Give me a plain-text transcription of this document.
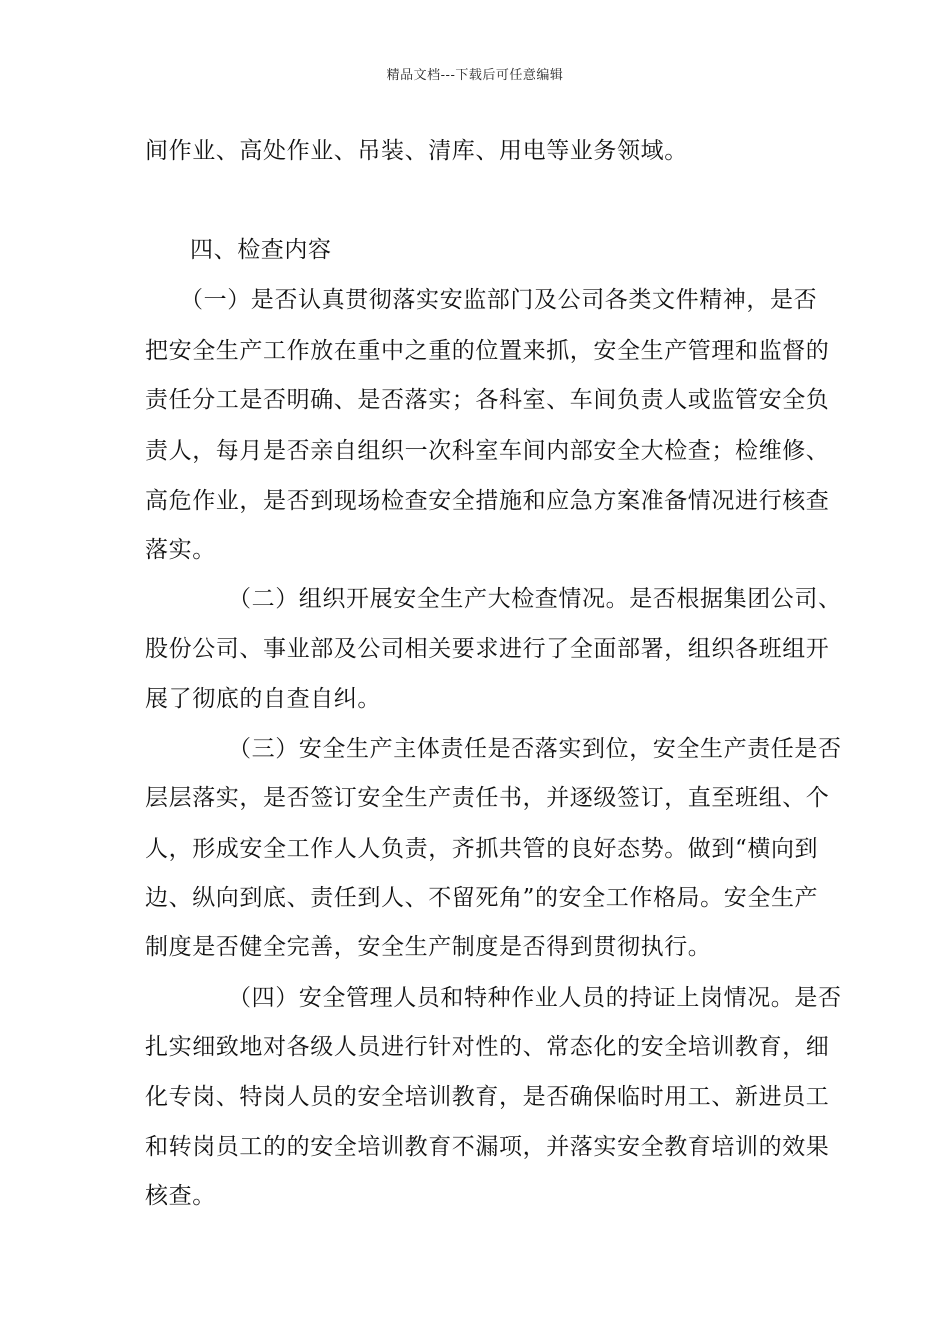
精品文档---下载后可任意编辑
间作业、高处作业、吊装、清库、用电等业务领域。
四、检查内容
（一）是否认真贯彻落实安监部门及公司各类文件精神，是否
把安全生产工作放在重中之重的位置来抓，安全生产管理和监督的
责任分工是否明确、是否落实；各科室、车间负责人或监管安全负
责人，每月是否亲自组织一次科室车间内部安全大检查；检维修、
高危作业，是否到现场检查安全措施和应急方案准备情况进行核查
落实。
（二）组织开展安全生产大检查情况。是否根据集团公司、
股份公司、事业部及公司相关要求进行了全面部署，组织各班组开
展了彻底的自查自纠。
（三）安全生产主体责任是否落实到位，安全生产责任是否
层层落实，是否签订安全生产责任书，并逐级签订，直至班组、个
人，形成安全工作人人负责，齐抓共管的良好态势。做到“横向到
边、纵向到底、责任到人、不留死角”的安全工作格局。安全生产
制度是否健全完善，安全生产制度是否得到贯彻执行。
（四）安全管理人员和特种作业人员的持证上岗情况。是否
扎实细致地对各级人员进行针对性的、常态化的安全培训教育，细
化专岗、特岗人员的安全培训教育，是否确保临时用工、新进员工
和转岗员工的的安全培训教育不漏项，并落实安全教育培训的效果
核查。
